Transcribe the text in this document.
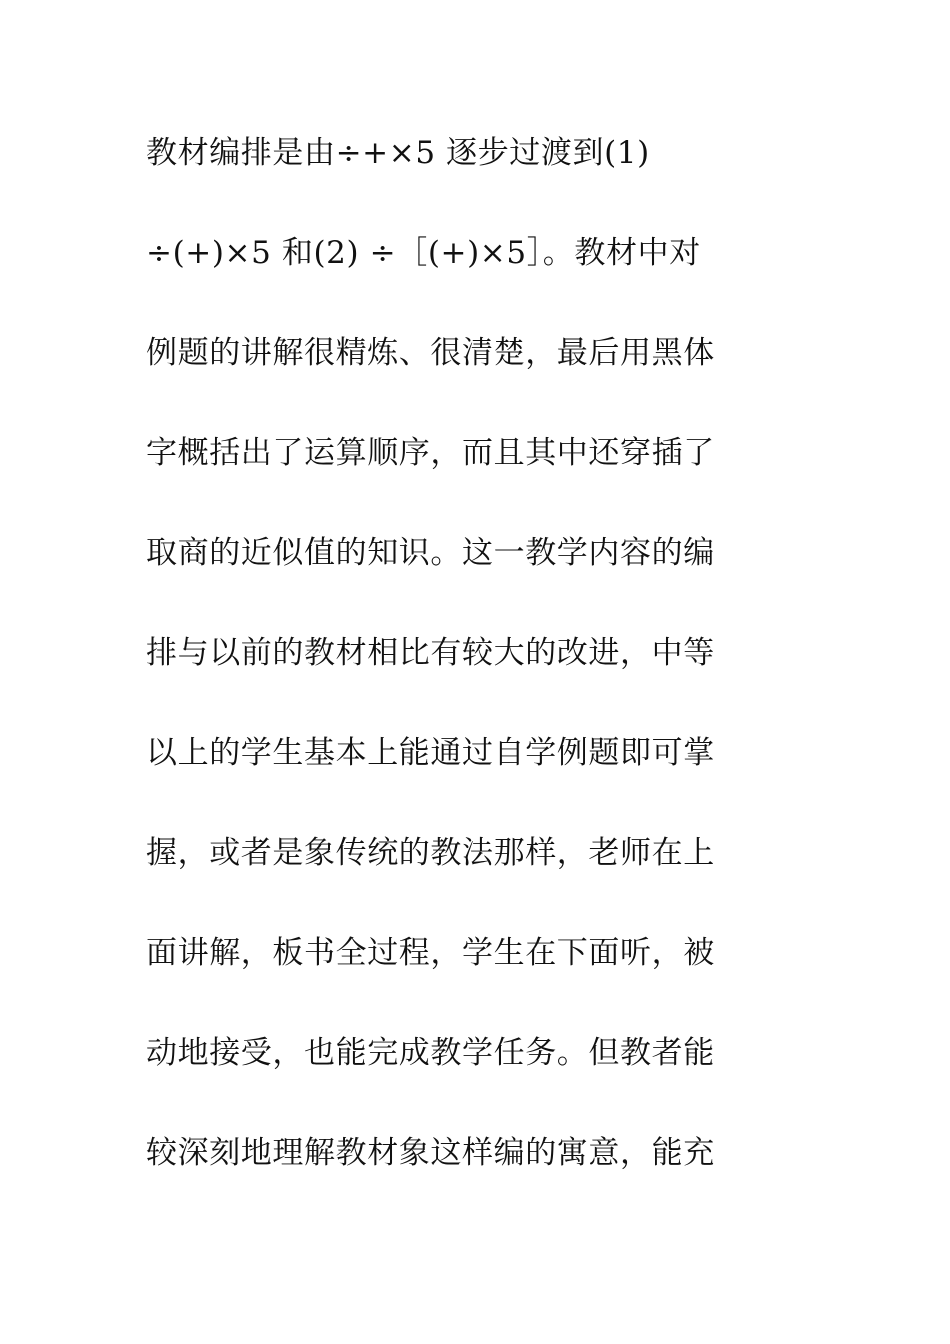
教材编排是由÷+×5 逐步过渡到(1)
÷(+)×5 和(2) ÷［(+)×5］。教材中对
例题的讲解很精炼、很清楚，最后用黑体
字概括出了运算顺序，而且其中还穿插了
取商的近似值的知识。这一教学内容的编
排与以前的教材相比有较大的改进，中等
以上的学生基本上能通过自学例题即可掌
握，或者是象传统的教法那样，老师在上
面讲解，板书全过程，学生在下面听，被
动地接受，也能完成教学任务。但教者能
较深刻地理解教材象这样编的寓意，能充
